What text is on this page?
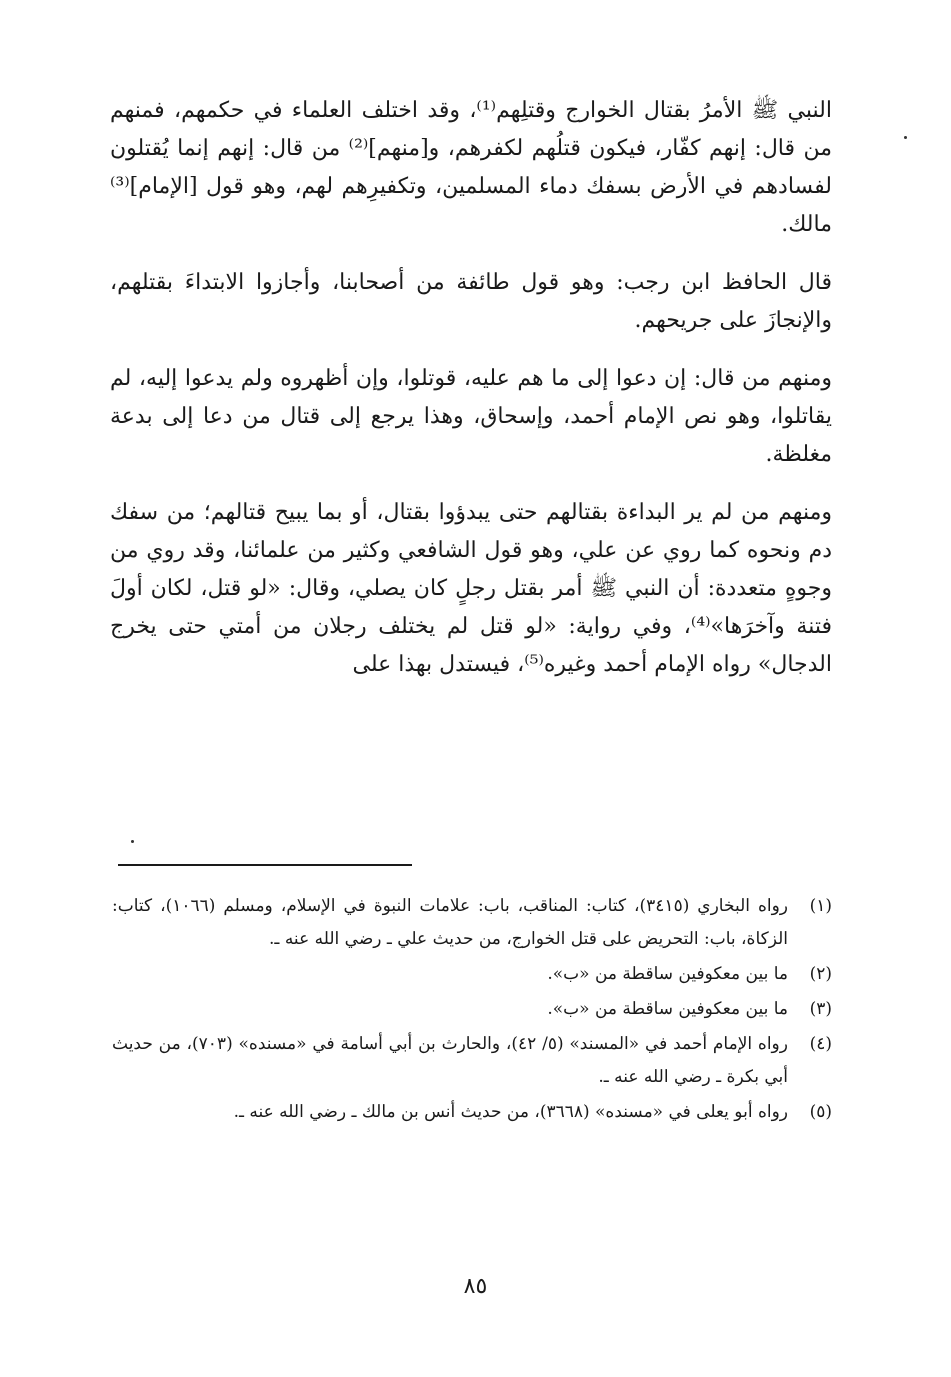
النبي ﷺ الأمرُ بقتال الخوارج وقتلِهم⁽¹⁾، وقد اختلف العلماء في حكمهم، فمنهم من قال: إنهم كفّار، فيكون قتلُهم لكفرهم، و[منهم]⁽²⁾ من قال: إنهم إنما يُقتلون لفسادهم في الأرض بسفك دماء المسلمين، وتكفيرِهم لهم، وهو قول [الإمام]⁽³⁾ مالك.

قال الحافظ ابن رجب: وهو قول طائفة من أصحابنا، وأجازوا الابتداءَ بقتلهم، والإنجازَ على جريحهم.

ومنهم من قال: إن دعوا إلى ما هم عليه، قوتلوا، وإن أظهروه ولم يدعوا إليه، لم يقاتلوا، وهو نص الإمام أحمد، وإسحاق، وهذا يرجع إلى قتال من دعا إلى بدعة مغلظة.

ومنهم من لم ير البداءة بقتالهم حتى يبدؤوا بقتال، أو بما يبيح قتالهم؛ من سفك دم ونحوه كما روي عن علي، وهو قول الشافعي وكثير من علمائنا، وقد روي من وجوهٍ متعددة: أن النبي ﷺ أمر بقتل رجلٍ كان يصلي، وقال: «لو قتل، لكان أولَ فتنة وآخرَها»⁽⁴⁾، وفي رواية: «لو قتل لم يختلف رجلان من أمتي حتى يخرج الدجال» رواه الإمام أحمد وغيره⁽⁵⁾، فيستدل بهذا على

(١)
رواه البخاري (٣٤١٥)، كتاب: المناقب، باب: علامات النبوة في الإسلام، ومسلم (١٠٦٦)، كتاب: الزكاة، باب: التحريض على قتل الخوارج، من حديث علي ـ رضي الله عنه ـ.
(٢)
ما بين معكوفين ساقطة من «ب».
(٣)
ما بين معكوفين ساقطة من «ب».
(٤)
رواه الإمام أحمد في «المسند» (٥/ ٤٢)، والحارث بن أبي أسامة في «مسنده» (٧٠٣)، من حديث أبي بكرة ـ رضي الله عنه ـ.
(٥)
رواه أبو يعلى في «مسنده» (٣٦٦٨)، من حديث أنس بن مالك ـ رضي الله عنه ـ.
٨٥
